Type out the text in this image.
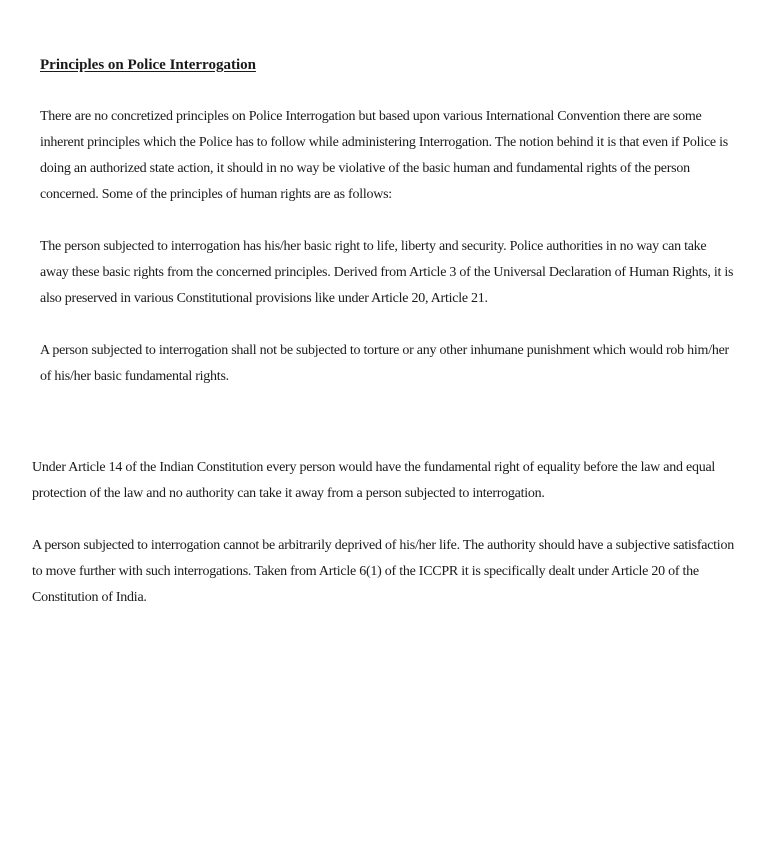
Principles on Police Interrogation

There are no concretized principles on Police Interrogation but based upon various International Convention there are some inherent principles which the Police has to follow while administering Interrogation. The notion behind it is that even if Police is doing an authorized state action, it should in no way be violative of the basic human and fundamental rights of the person concerned. Some of the principles of human rights are as follows:

The person subjected to interrogation has his/her basic right to life, liberty and security. Police authorities in no way can take away these basic rights from the concerned principles. Derived from Article 3 of the Universal Declaration of Human Rights, it is also preserved in various Constitutional provisions like under Article 20, Article 21.

A person subjected to interrogation shall not be subjected to torture or any other inhumane punishment which would rob him/her of his/her basic fundamental rights.

Under Article 14 of the Indian Constitution every person would have the fundamental right of equality before the law and equal protection of the law and no authority can take it away from a person subjected to interrogation.

A person subjected to interrogation cannot be arbitrarily deprived of his/her life. The authority should have a subjective satisfaction to move further with such interrogations. Taken from Article 6(1) of the ICCPR it is specifically dealt under Article 20 of the Constitution of India.
